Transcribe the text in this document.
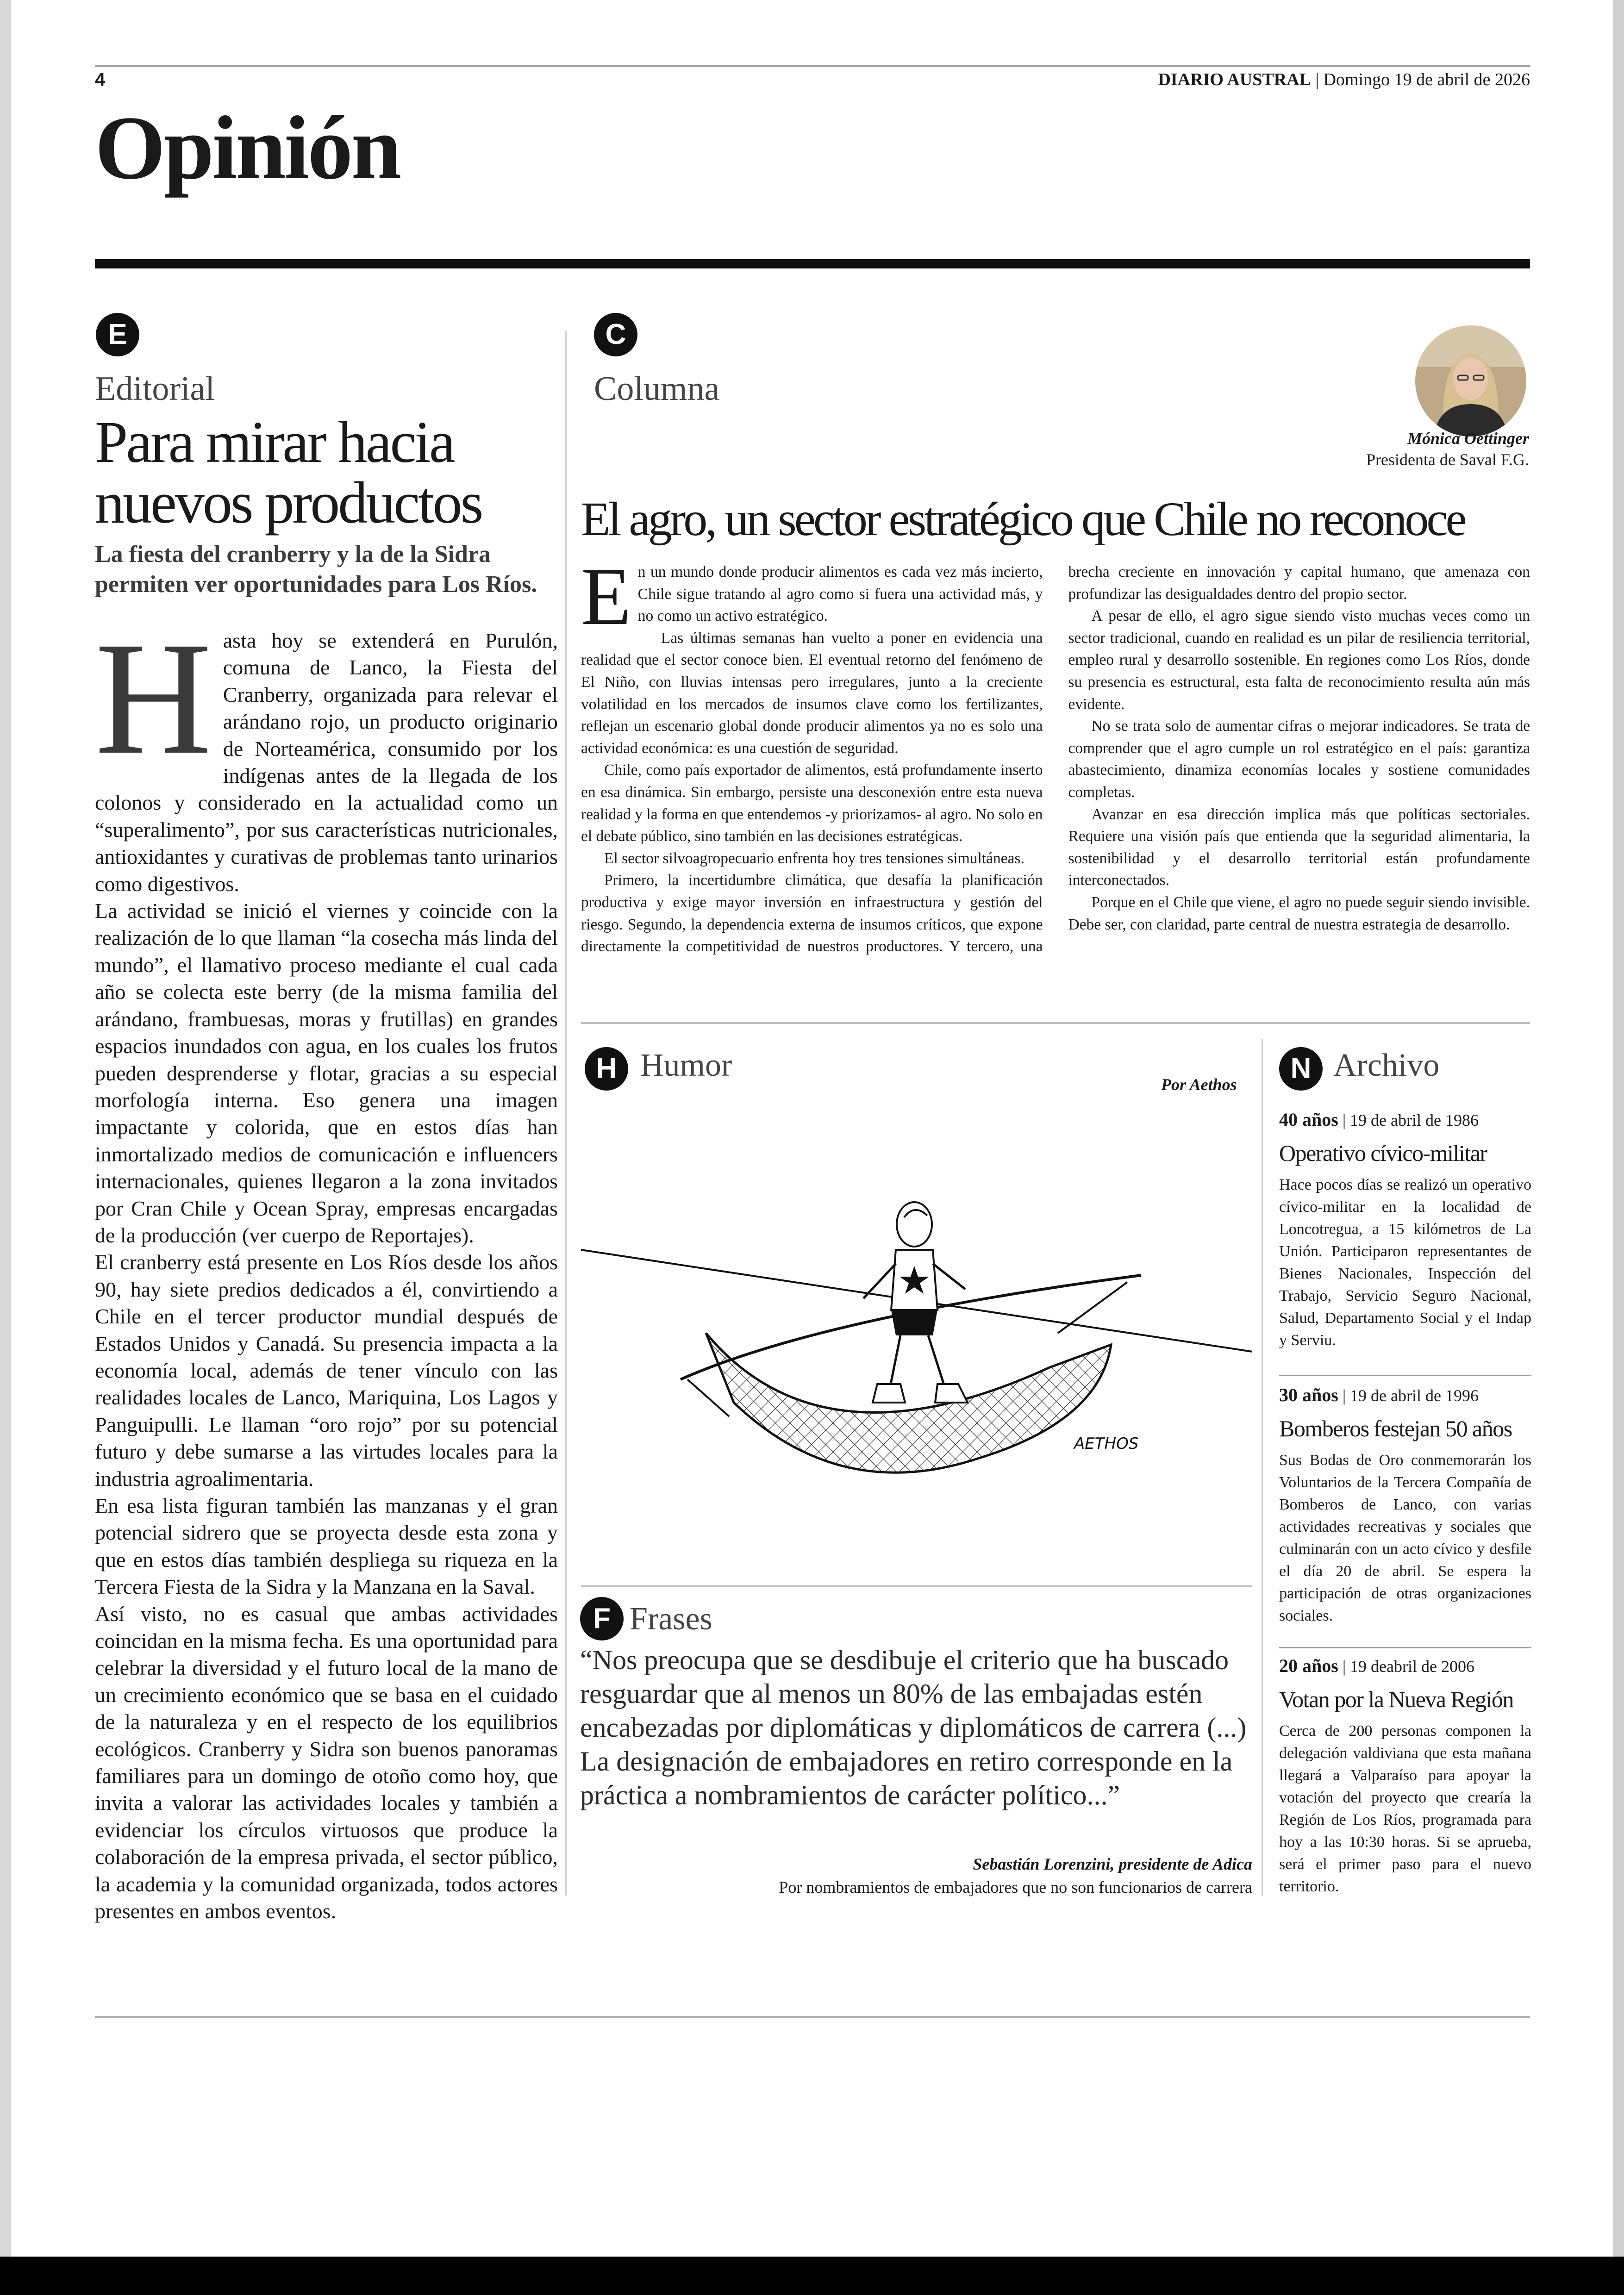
4	DIARIO AUSTRAL | Domingo 19 de abril de 2026
Opinión
E
Editorial
Para mirar hacia nuevos productos
La fiesta del cranberry y la de la Sidra permiten ver oportunidades para Los Ríos.

Hasta hoy se extenderá en Purulón, comuna de Lanco, la Fiesta del Cranberry, organizada para relevar el arándano rojo, un producto originario de Norteamérica, consumido por los indígenas antes de la llegada de los colonos y considerado en la actualidad como un “superalimento”, por sus características nutricionales, antioxidantes y curativas de problemas tanto urinarios como digestivos.

La actividad se inició el viernes y coincide con la realización de lo que llaman “la cosecha más linda del mundo”, el llamativo proceso mediante el cual cada año se colecta este berry (de la misma familia del arándano, frambuesas, moras y frutillas) en grandes espacios inundados con agua, en los cuales los frutos pueden desprenderse y flotar, gracias a su especial morfología interna. Eso genera una imagen impactante y colorida, que en estos días han inmortalizado medios de comunicación e influencers internacionales, quienes llegaron a la zona invitados por Cran Chile y Ocean Spray, empresas encargadas de la producción (ver cuerpo de Reportajes).

El cranberry está presente en Los Ríos desde los años 90, hay siete predios dedicados a él, convirtiendo a Chile en el tercer productor mundial después de Estados Unidos y Canadá. Su presencia impacta a la economía local, además de tener vínculo con las realidades locales de Lanco, Mariquina, Los Lagos y Panguipulli. Le llaman “oro rojo” por su potencial futuro y debe sumarse a las virtudes locales para la industria agroalimentaria.

En esa lista figuran también las manzanas y el gran potencial sidrero que se proyecta desde esta zona y que en estos días también despliega su riqueza en la Tercera Fiesta de la Sidra y la Manzana en la Saval.

Así visto, no es casual que ambas actividades coincidan en la misma fecha. Es una oportunidad para celebrar la diversidad y el futuro local de la mano de un crecimiento económico que se basa en el cuidado de la naturaleza y en el respecto de los equilibrios ecológicos. Cranberry y Sidra son buenos panoramas familiares para un domingo de otoño como hoy, que invita a valorar las actividades locales y también a evidenciar los círculos virtuosos que produce la colaboración de la empresa privada, el sector público, la academia y la comunidad organizada, todos actores presentes en ambos eventos.

C
Columna
Mónica Oettinger
Presidenta de Saval F.G.
El agro, un sector estratégico que Chile no reconoce

En un mundo donde producir alimentos es cada vez más incierto, Chile sigue tratando al agro como si fuera una actividad más, y no como un activo estratégico.

Las últimas semanas han vuelto a poner en evidencia una realidad que el sector conoce bien. El eventual retorno del fenómeno de El Niño, con lluvias intensas pero irregulares, junto a la creciente volatilidad en los mercados de insumos clave como los fertilizantes, reflejan un escenario global donde producir alimentos ya no es solo una actividad económica: es una cuestión de seguridad.

Chile, como país exportador de alimentos, está profundamente inserto en esa dinámica. Sin embargo, persiste una desconexión entre esta nueva realidad y la forma en que entendemos -y priorizamos- al agro. No solo en el debate público, sino también en las decisiones estratégicas.

El sector silvoagropecuario enfrenta hoy tres tensiones simultáneas.

Primero, la incertidumbre climática, que desafía la planificación productiva y exige mayor inversión en infraestructura y gestión del riesgo. Segundo, la dependencia externa de insumos críticos, que expone directamente la competitividad de nuestros productores. Y tercero, una brecha creciente en innovación y capital humano, que amenaza con profundizar las desigualdades dentro del propio sector.

A pesar de ello, el agro sigue siendo visto muchas veces como un sector tradicional, cuando en realidad es un pilar de resiliencia territorial, empleo rural y desarrollo sostenible. En regiones como Los Ríos, donde su presencia es estructural, esta falta de reconocimiento resulta aún más evidente.

No se trata solo de aumentar cifras o mejorar indicadores. Se trata de comprender que el agro cumple un rol estratégico en el país: garantiza abastecimiento, dinamiza economías locales y sostiene comunidades completas.

Avanzar en esa dirección implica más que políticas sectoriales. Requiere una visión país que entienda que la seguridad alimentaria, la sostenibilidad y el desarrollo territorial están profundamente interconectados.

Porque en el Chile que viene, el agro no puede seguir siendo invisible. Debe ser, con claridad, parte central de nuestra estrategia de desarrollo.

H Humor
Por Aethos
AETHOS
F Frases
“Nos preocupa que se desdibuje el criterio que ha buscado resguardar que al menos un 80% de las embajadas estén encabezadas por diplomáticas y diplomáticos de carrera (...) La designación de embajadores en retiro corresponde en la práctica a nombramientos de carácter político...”
Sebastián Lorenzini, presidente de Adica
Por nombramientos de embajadores que no son funcionarios de carrera
N Archivo
40 años | 19 de abril de 1986
Operativo cívico-militar
Hace pocos días se realizó un operativo cívico-militar en la localidad de Loncotregua, a 15 kilómetros de La Unión. Participaron representantes de Bienes Nacionales, Inspección del Trabajo, Servicio Seguro Nacional, Salud, Departamento Social y el Indap y Serviu.
30 años | 19 de abril de 1996
Bomberos festejan 50 años
Sus Bodas de Oro conmemorarán los Voluntarios de la Tercera Compañía de Bomberos de Lanco, con varias actividades recreativas y sociales que culminarán con un acto cívico y desfile el día 20 de abril. Se espera la participación de otras organizaciones sociales.
20 años | 19 deabril de 2006
Votan por la Nueva Región
Cerca de 200 personas componen la delegación valdiviana que esta mañana llegará a Valparaíso para apoyar la votación del proyecto que crearía la Región de Los Ríos, programada para hoy a las 10:30 horas. Si se aprueba, será el primer paso para el nuevo territorio.
